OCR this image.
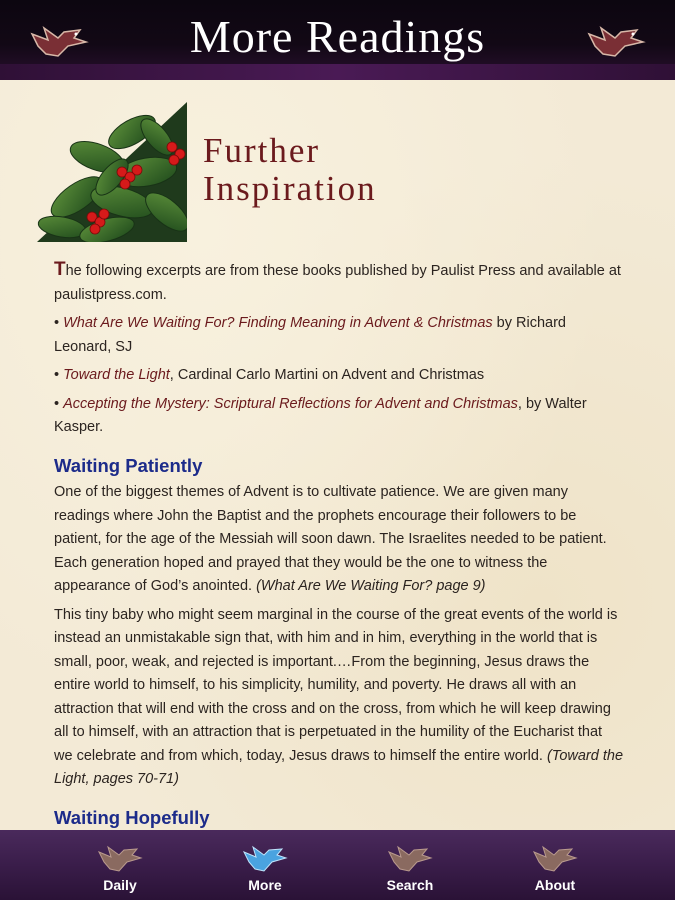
More Readings
Further
Inspiration

The following excerpts are from these books published by Paulist Press and available at paulistpress.com.

• What Are We Waiting For? Finding Meaning in Advent & Christmas by Richard Leonard, SJ

• Toward the Light, Cardinal Carlo Martini on Advent and Christmas

• Accepting the Mystery: Scriptural Reflections for Advent and Christmas, by Walter Kasper.

Waiting Patiently

One of the biggest themes of Advent is to cultivate patience. We are given many readings where John the Baptist and the prophets encourage their followers to be patient, for the age of the Messiah will soon dawn. The Israelites needed to be patient. Each generation hoped and prayed that they would be the one to witness the appearance of God’s anointed. (What Are We Waiting For? page 9)

This tiny baby who might seem marginal in the course of the great events of the world is instead an unmistakable sign that, with him and in him, everything in the world that is small, poor, weak, and rejected is important.…From the beginning, Jesus draws the entire world to himself, to his simplicity, humility, and poverty. He draws all with an attraction that will end with the cross and on the cross, from which he will keep drawing all to himself, with an attraction that is perpetuated in the humility of the Eucharist that we celebrate and from which, today, Jesus draws to himself the entire world. (Toward the Light, pages 70-71)

Waiting Hopefully
Daily	More	Search	About
